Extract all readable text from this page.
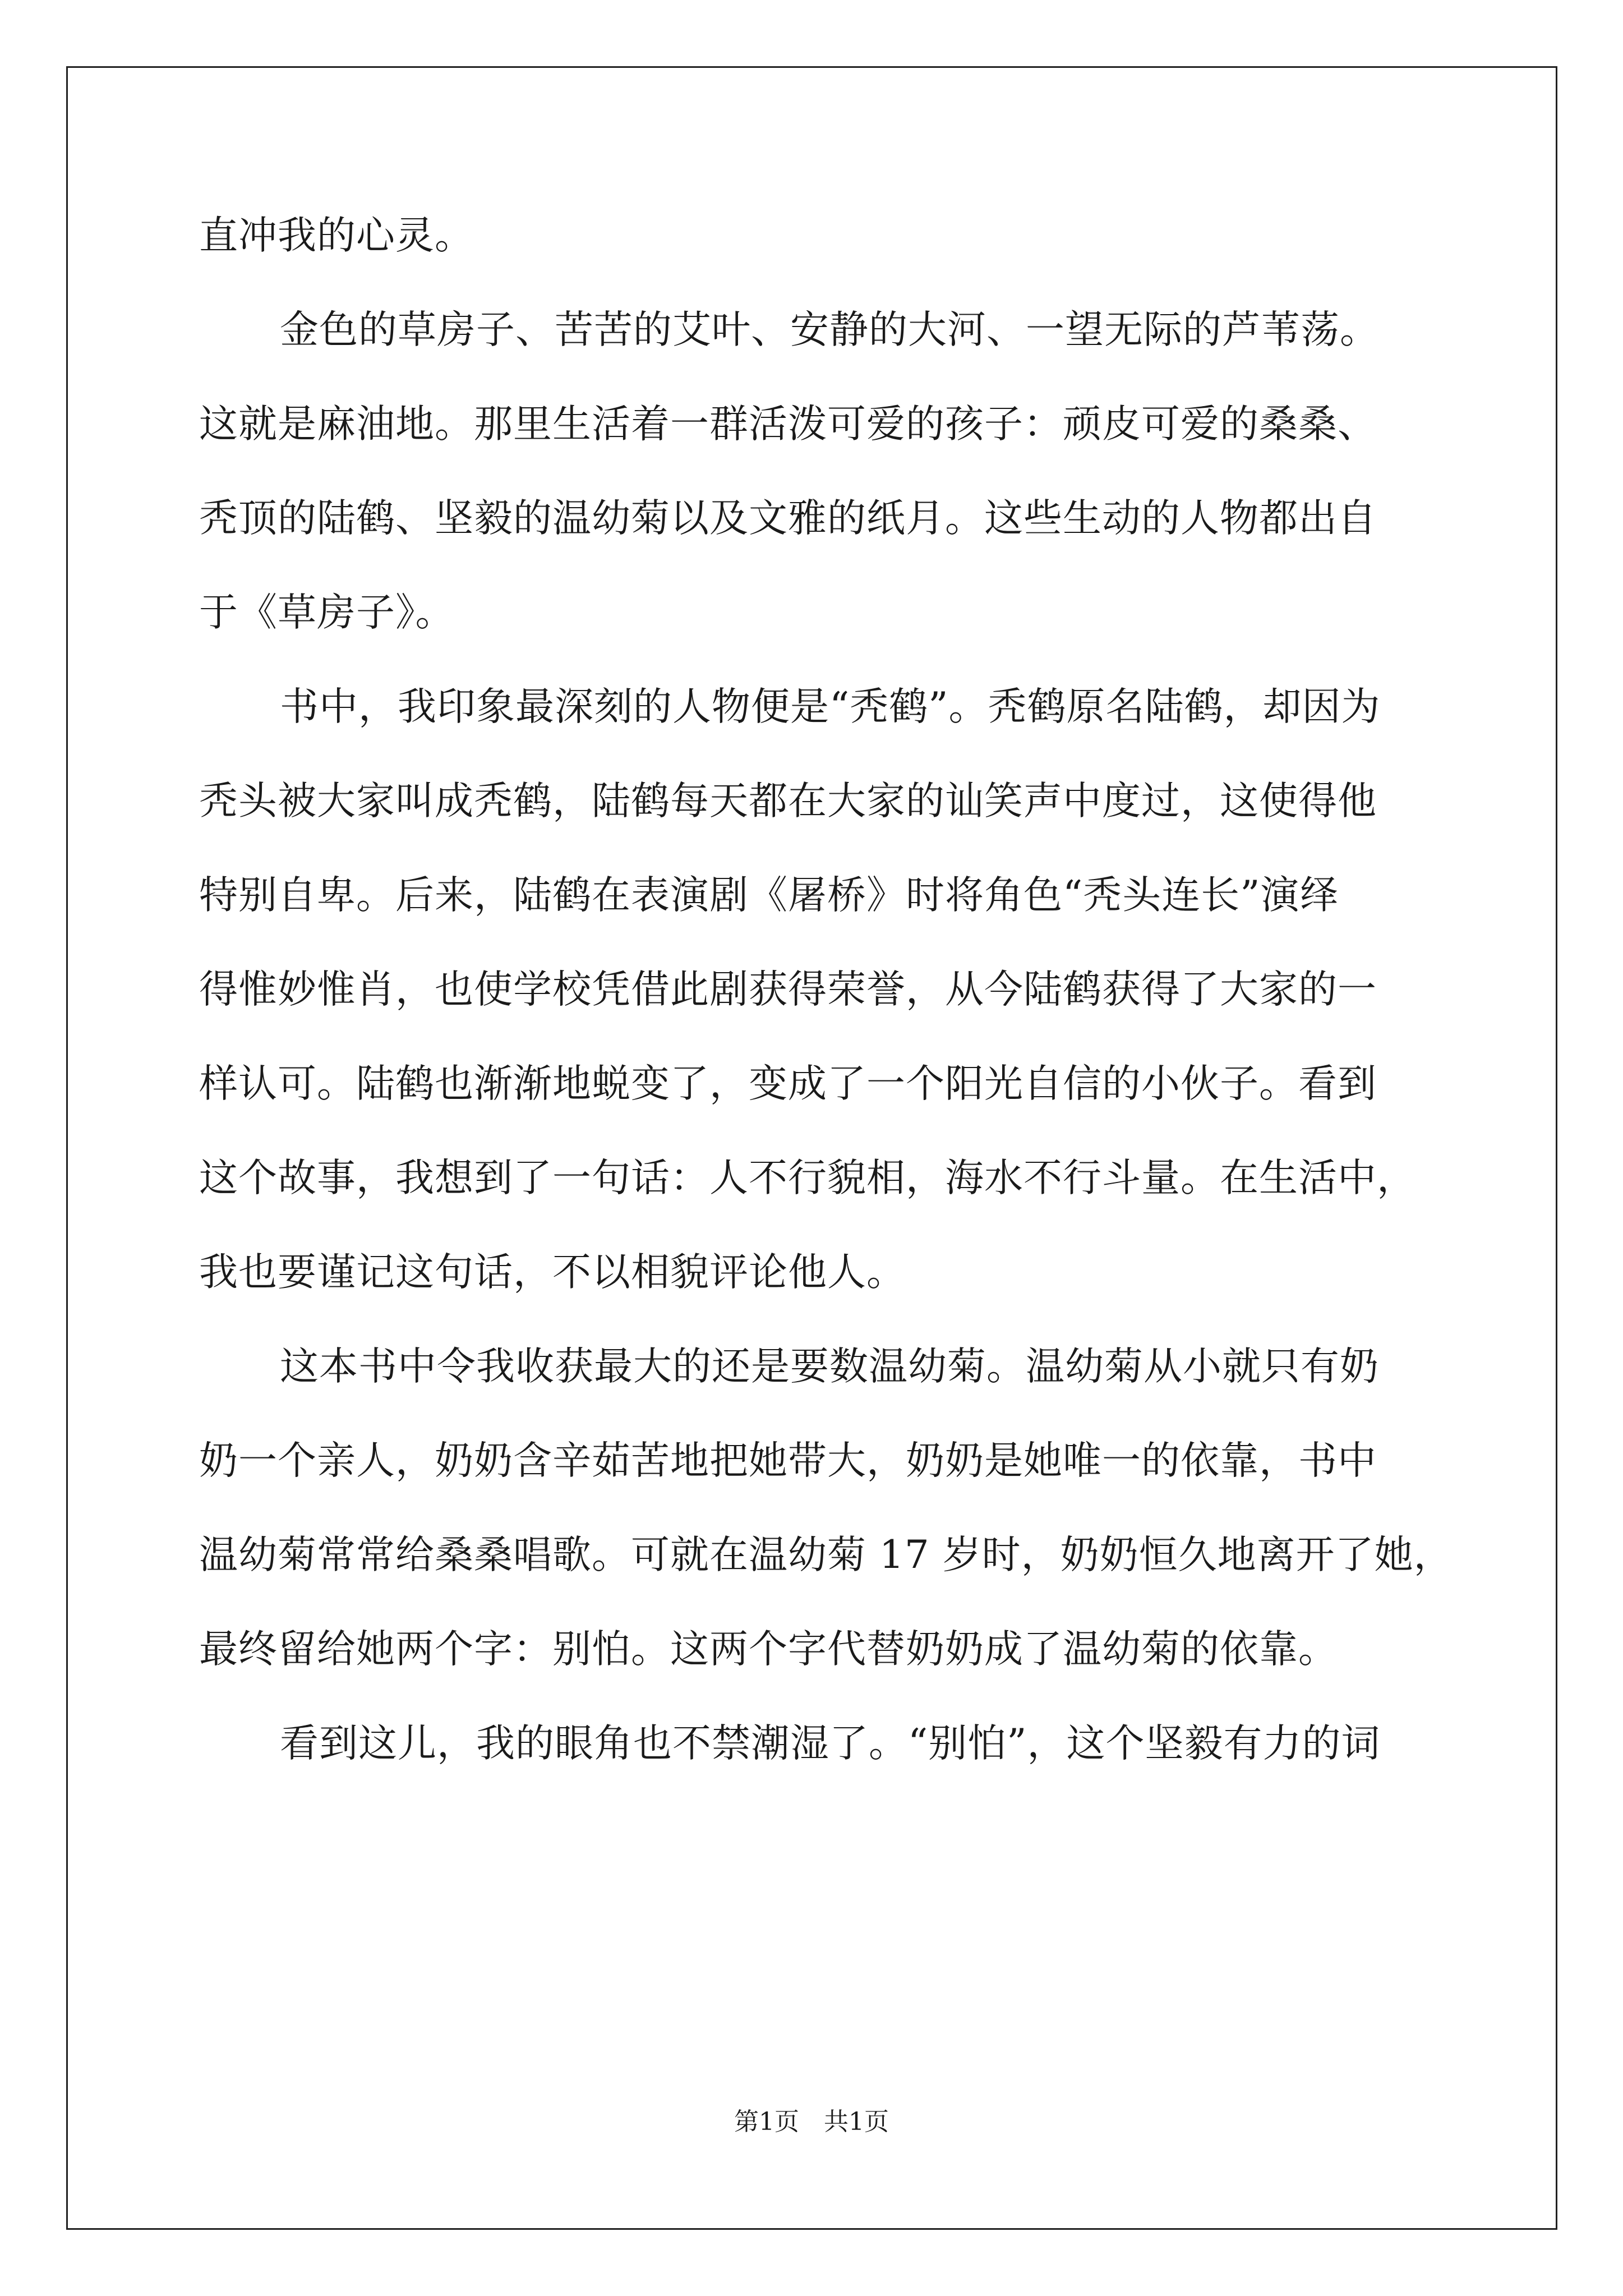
直冲我的心灵。
金色的草房子、苦苦的艾叶、安静的大河、一望无际的芦苇荡。
这就是麻油地。那里生活着一群活泼可爱的孩子：顽皮可爱的桑桑、
秃顶的陆鹤、坚毅的温幼菊以及文雅的纸月。这些生动的人物都出自
于《草房子》。
书中，我印象最深刻的人物便是“秃鹤”。秃鹤原名陆鹤，却因为
秃头被大家叫成秃鹤，陆鹤每天都在大家的讪笑声中度过，这使得他
特别自卑。后来，陆鹤在表演剧《屠桥》时将角色“秃头连长”演绎
得惟妙惟肖，也使学校凭借此剧获得荣誉，从今陆鹤获得了大家的一
样认可。陆鹤也渐渐地蜕变了，变成了一个阳光自信的小伙子。看到
这个故事，我想到了一句话：人不行貌相，海水不行斗量。在生活中，
我也要谨记这句话，不以相貌评论他人。
这本书中令我收获最大的还是要数温幼菊。温幼菊从小就只有奶
奶一个亲人，奶奶含辛茹苦地把她带大，奶奶是她唯一的依靠，书中
温幼菊常常给桑桑唱歌。可就在温幼菊 17 岁时，奶奶恒久地离开了她，
最终留给她两个字：别怕。这两个字代替奶奶成了温幼菊的依靠。
看到这儿，我的眼角也不禁潮湿了。“别怕”，这个坚毅有力的词
第1页 共1页
